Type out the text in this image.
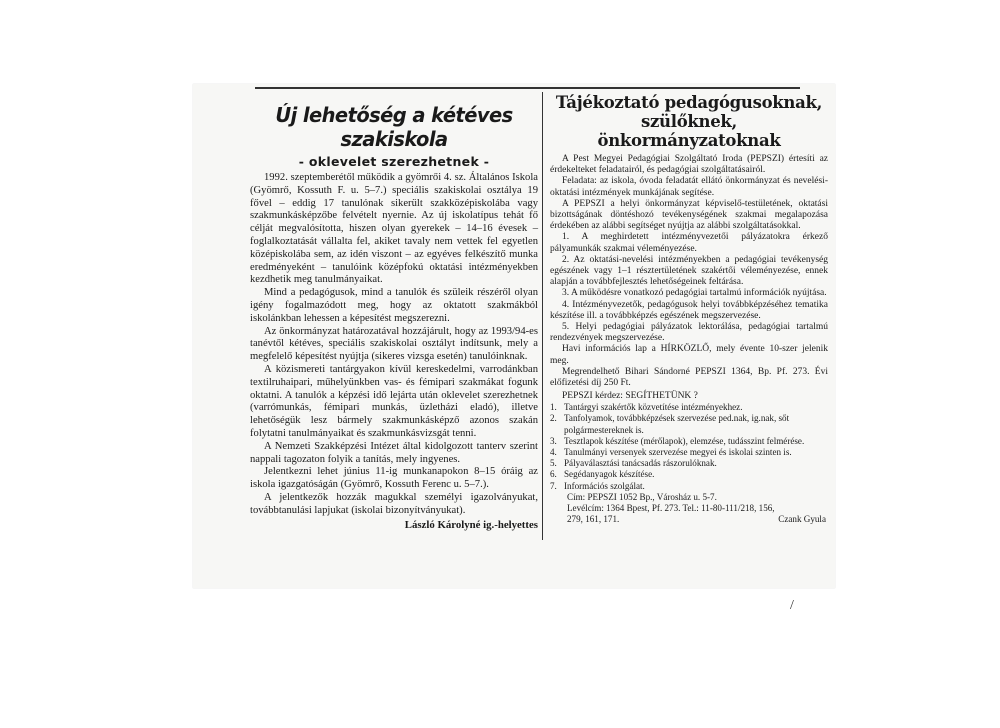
Új lehetőség a kétéves szakiskola
- oklevelet szerezhetnek -

1992. szeptemberétől működik a gyömrői 4. sz. Általános Iskola (Gyömrő, Kossuth F. u. 5–7.) speciális szakiskolai osztálya 19 fővel – eddig 17 tanulónak sikerült szakközépiskolába vagy szakmunkásképzőbe felvételt nyernie. Az új iskolatípus tehát fő célját megvalósította, hiszen olyan gyerekek – 14–16 évesek – foglalkoztatását vállalta fel, akiket tavaly nem vettek fel egyetlen középiskolába sem, az idén viszont – az egyéves felkészítő munka eredményeként – tanulóink középfokú oktatási intézményekben kezdhetik meg tanulmányaikat.

Mind a pedagógusok, mind a tanulók és szüleik részéről olyan igény fogalmazódott meg, hogy az oktatott szakmákból iskolánkban lehessen a képesítést megszerezni.

Az önkormányzat határozatával hozzájárult, hogy az 1993/94-es tanévtől kétéves, speciális szakiskolai osztályt indítsunk, mely a megfelelő képesítést nyújtja (sikeres vizsga esetén) tanulóinknak.

A közismereti tantárgyakon kívül kereskedelmi, varrodánkban textilruhaipari, műhelyünkben vas- és fémipari szakmákat fogunk oktatni. A tanulók a képzési idő lejárta után oklevelet szerezhetnek (varrómunkás, fémipari munkás, üzletházi eladó), illetve lehetőségük lesz bármely szakmunkásképző azonos szakán folytatni tanulmányaikat és szakmunkásvizsgát tenni.

A Nemzeti Szakképzési Intézet által kidolgozott tanterv szerint nappali tagozaton folyik a tanítás, mely ingyenes.

Jelentkezni lehet június 11-ig munkanapokon 8–15 óráig az iskola igazgatóságán (Gyömrő, Kossuth Ferenc u. 5–7.).

A jelentkezők hozzák magukkal személyi igazolványukat, továbbtanulási lapjukat (iskolai bizonyítványukat).

László Károlyné ig.-helyettes

Tájékoztató pedagógusoknak,
szülőknek, önkormányzatoknak

A Pest Megyei Pedagógiai Szolgáltató Iroda (PEPSZI) értesíti az érdekelteket feladatairól, és pedagógiai szolgáltatásairól.

Feladata: az iskola, óvoda feladatát ellátó önkormányzat és nevelési-oktatási intézmények munkájának segítése.

A PEPSZI a helyi önkormányzat képviselő-testületének, oktatási bizottságának döntéshozó tevékenységének szakmai megalapozása érdekében az alábbi segítséget nyújtja az alábbi szolgáltatásokkal.

1. A meghirdetett intézményvezetői pályázatokra érkező pályamunkák szakmai véleményezése.

2. Az oktatási-nevelési intézményekben a pedagógiai tevékenység egészének vagy 1–1 résztertületének szakértői véleményezése, ennek alapján a továbbfejlesztés lehetőségeinek feltárása.

3. A működésre vonatkozó pedagógiai tartalmú információk nyújtása.

4. Intézményvezetők, pedagógusok helyi továbbképzéséhez tematika készítése ill. a továbbképzés egészének megszervezése.

5. Helyi pedagógiai pályázatok lektorálása, pedagógiai tartalmú rendezvények megszervezése.

Havi információs lap a HÍRKÖZLŐ, mely évente 10-szer jelenik meg.

Megrendelhető Bihari Sándorné PEPSZI 1364, Bp. Pf. 273. Évi előfizetési díj 250 Ft.

PEPSZI kérdez: SEGÍTHETÜNK ?
1. Tantárgyi szakértők közvetítése intézményekhez.
2. Tanfolyamok, továbbképzések szervezése ped.nak, ig.nak, sőt polgármestereknek is.
3. Tesztlapok készítése (mérőlapok), elemzése, tudásszint felmérése.
4. Tanulmányi versenyek szervezése megyei és iskolai szinten is.
5. Pályaválasztási tanácsadás rászorulóknak.
6. Segédanyagok készítése.
7. Információs szolgálat.
Cím: PEPSZI 1052 Bp., Városház u. 5-7.
Levélcím: 1364 Bpest, Pf. 273. Tel.: 11-80-111/218, 156,
279, 161, 171.	Czank Gyula
/
